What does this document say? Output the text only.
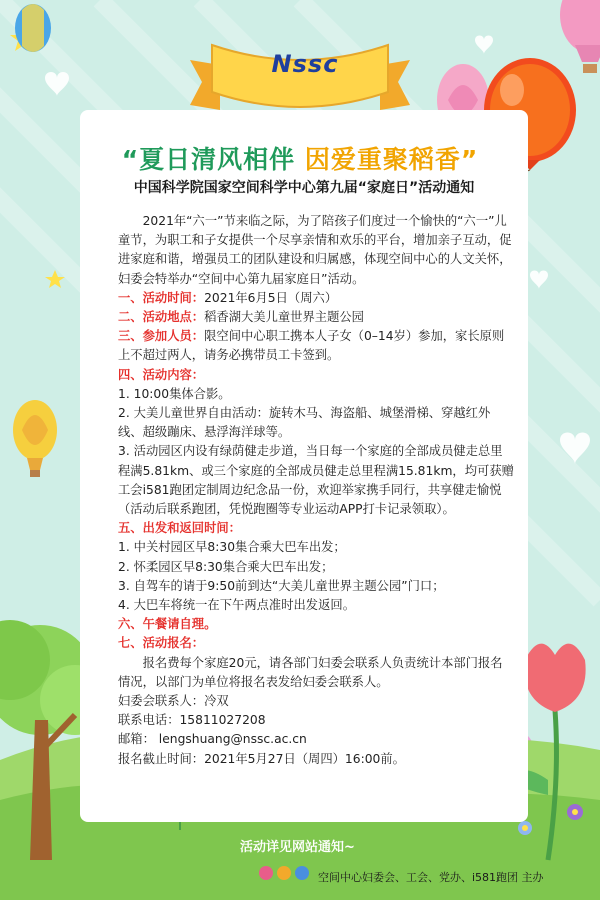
Nssc
“夏日清风相伴 因爱重聚稻香”
中国科学院国家空间科学中心第九届“家庭日”活动通知

2021年“六一”节来临之际，为了陪孩子们度过一个愉快的“六一”儿童节，为职工和子女提供一个尽享亲情和欢乐的平台，增加亲子互动，促进家庭和谐，增强员工的团队建设和归属感，体现空间中心的人文关怀，妇委会特举办“空间中心第九届家庭日”活动。

一、活动时间：2021年6月5日（周六）

二、活动地点：稻香湖大美儿童世界主题公园

三、参加人员：限空间中心职工携本人子女（0–14岁）参加，家长原则上不超过两人，请务必携带员工卡签到。

四、活动内容：

1. 10:00集体合影。

2. 大美儿童世界自由活动：旋转木马、海盗船、城堡滑梯、穿越红外线、超级蹦床、悬浮海洋球等。

3. 活动园区内设有绿荫健走步道，当日每一个家庭的全部成员健走总里程满5.81km、或三个家庭的全部成员健走总里程满15.81km，均可获赠工会i581跑团定制周边纪念品一份，欢迎举家携手同行，共享健走愉悦（活动后联系跑团，凭悦跑圈等专业运动APP打卡记录领取）。

五、出发和返回时间：

1. 中关村园区早8:30集合乘大巴车出发；

2. 怀柔园区早8:30集合乘大巴车出发；

3. 自驾车的请于9:50前到达“大美儿童世界主题公园”门口；

4. 大巴车将统一在下午两点准时出发返回。

六、午餐请自理。

七、活动报名：

报名费每个家庭20元，请各部门妇委会联系人负责统计本部门报名情况，以部门为单位将报名表发给妇委会联系人。

妇委会联系人：冷双

联系电话：15811027208

邮箱： lengshuang@nssc.ac.cn

报名截止时间：2021年5月27日（周四）16:00前。

活动详见网站通知~
空间中心妇委会、工会、党办、i581跑团 主办
